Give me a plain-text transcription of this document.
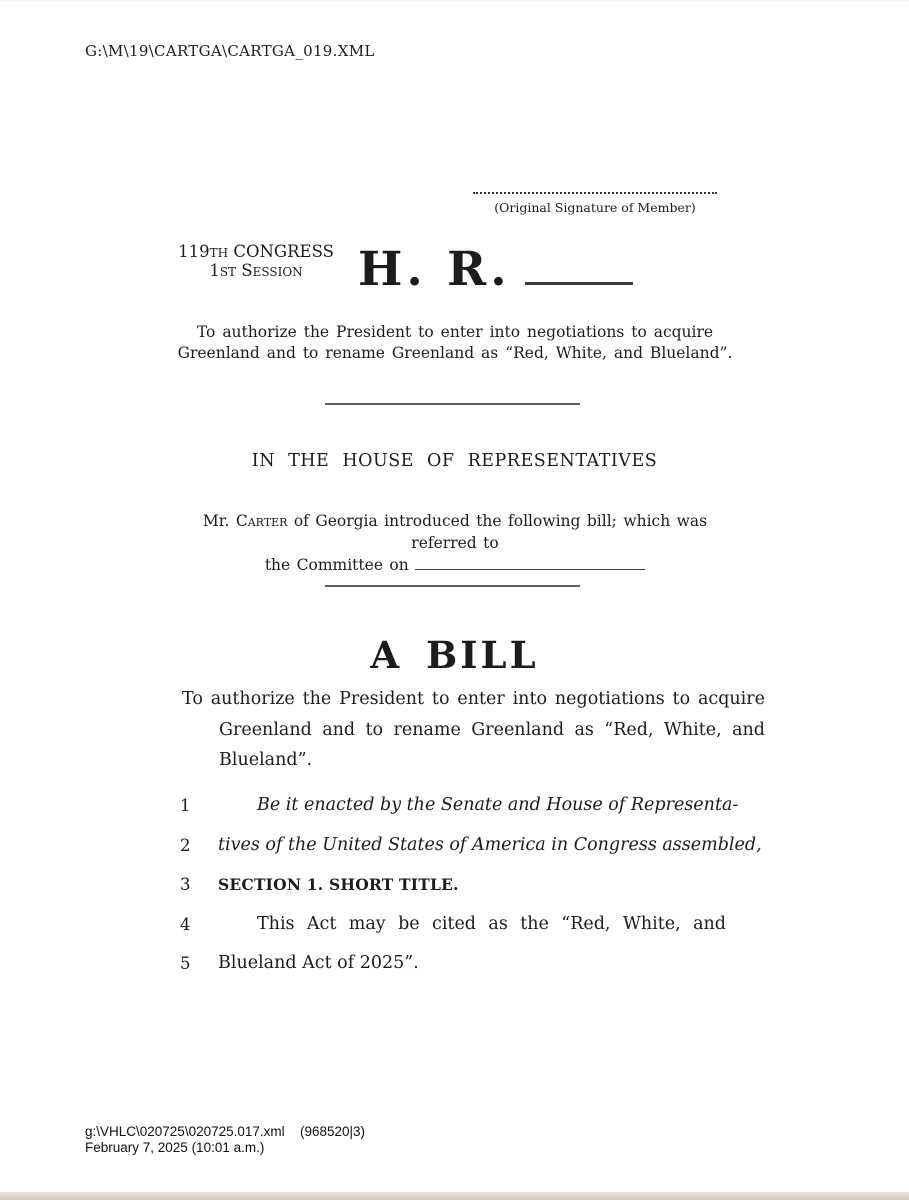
G:\M\19\CARTGA\CARTGA_019.XML
(Original Signature of Member)
119th CONGRESS
1st Session	H. R.
To authorize the President to enter into negotiations to acquire Greenland and to rename Greenland as “Red, White, and Blueland”.
IN THE HOUSE OF REPRESENTATIVES
Mr. Carter of Georgia introduced the following bill; which was referred to
the Committee on
A BILL
To authorize the President to enter into negotiations to acquire Greenland and to rename Greenland as “Red, White, and Blueland”.
1	Be it enacted by the Senate and House of Representa-
2	tives of the United States of America in Congress assembled,
3	SECTION 1. SHORT TITLE.
4	This Act may be cited as the “Red, White, and
5	Blueland Act of 2025”.
g:\VHLC\020725\020725.017.xml (968520|3)
February 7, 2025 (10:01 a.m.)
